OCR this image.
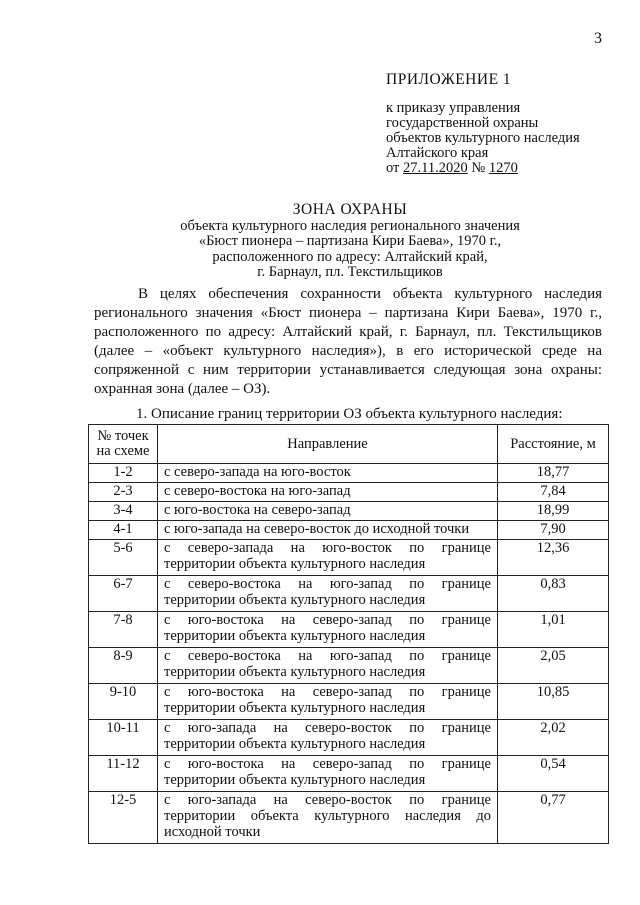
3
ПРИЛОЖЕНИЕ 1
к приказу управления
государственной охраны
объектов культурного наследия
Алтайского края
от 27.11.2020 № 1270
ЗОНА ОХРАНЫ
объекта культурного наследия регионального значения
«Бюст пионера – партизана Кири Баева», 1970 г.,
расположенного по адресу: Алтайский край,
г. Барнаул, пл. Текстильщиков

В целях обеспечения сохранности объекта культурного наследия регионального значения «Бюст пионера – партизана Кири Баева», 1970 г., расположенного по адресу: Алтайский край, г. Барнаул, пл. Текстильщиков (далее – «объект культурного наследия»), в его исторической среде на сопряженной с ним территории устанавливается следующая зона охраны: охранная зона (далее – ОЗ).

1. Описание границ территории ОЗ объекта культурного наследия:
№ точек на схеме	Направление	Расстояние, м
1-2	с северо-запада на юго-восток	18,77
2-3	с северо-востока на юго-запад	7,84
3-4	с юго-востока на северо-запад	18,99
4-1	с юго-запада на северо-восток до исходной точки	7,90
5-6	с северо-запада на юго-восток по границе территории объекта культурного наследия	12,36
6-7	с северо-востока на юго-запад по границе территории объекта культурного наследия	0,83
7-8	с юго-востока на северо-запад по границе территории объекта культурного наследия	1,01
8-9	с северо-востока на юго-запад по границе территории объекта культурного наследия	2,05
9-10	с юго-востока на северо-запад по границе территории объекта культурного наследия	10,85
10-11	с юго-запада на северо-восток по границе территории объекта культурного наследия	2,02
11-12	с юго-востока на северо-запад по границе территории объекта культурного наследия	0,54
12-5	с юго-запада на северо-восток по границе территории объекта культурного наследия до исходной точки	0,77
